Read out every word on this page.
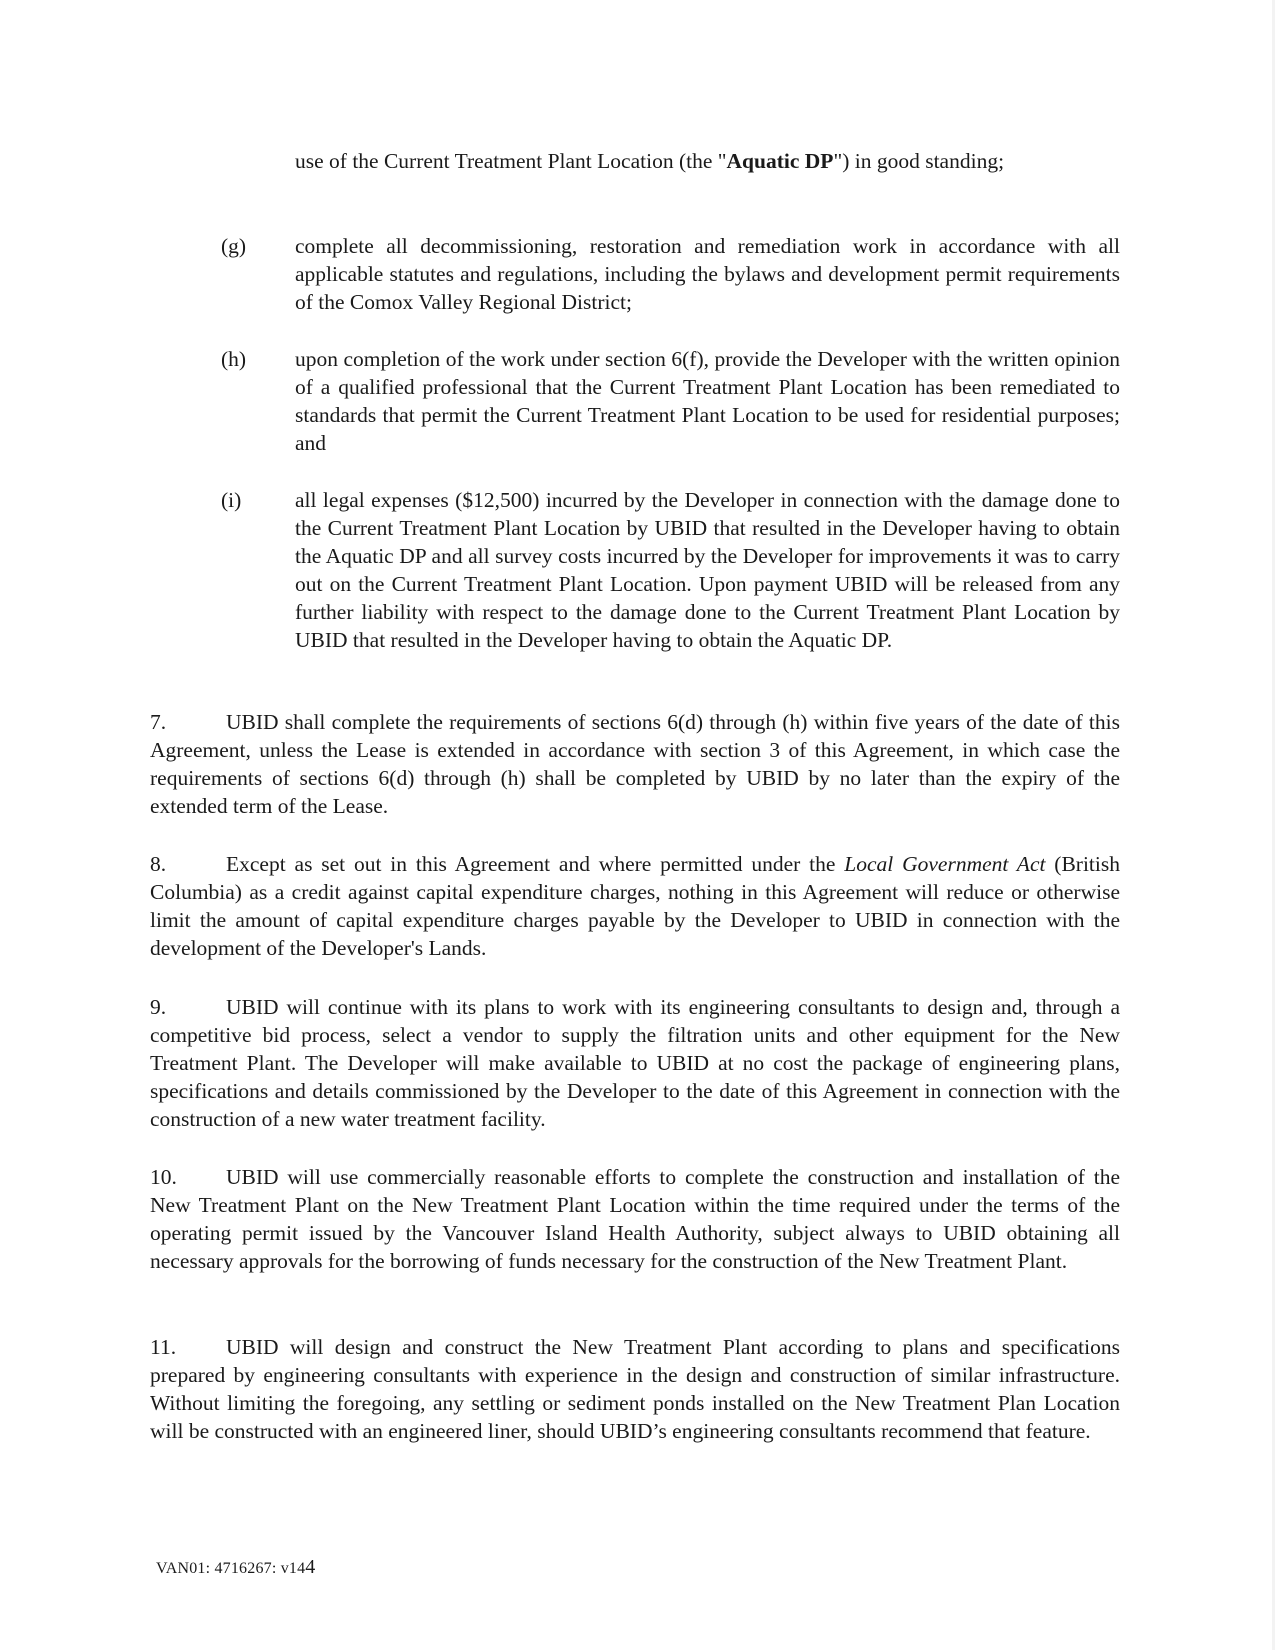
use of the Current Treatment Plant Location (the "Aquatic DP") in good standing;
(g) complete all decommissioning, restoration and remediation work in accordance with all applicable statutes and regulations, including the bylaws and development permit requirements of the Comox Valley Regional District;
(h) upon completion of the work under section 6(f), provide the Developer with the written opinion of a qualified professional that the Current Treatment Plant Location has been remediated to standards that permit the Current Treatment Plant Location to be used for residential purposes; and
(i) all legal expenses ($12,500) incurred by the Developer in connection with the damage done to the Current Treatment Plant Location by UBID that resulted in the Developer having to obtain the Aquatic DP and all survey costs incurred by the Developer for improvements it was to carry out on the Current Treatment Plant Location. Upon payment UBID will be released from any further liability with respect to the damage done to the Current Treatment Plant Location by UBID that resulted in the Developer having to obtain the Aquatic DP.
7.	UBID shall complete the requirements of sections 6(d) through (h) within five years of the date of this Agreement, unless the Lease is extended in accordance with section 3 of this Agreement, in which case the requirements of sections 6(d) through (h) shall be completed by UBID by no later than the expiry of the extended term of the Lease.
8.	Except as set out in this Agreement and where permitted under the Local Government Act (British Columbia) as a credit against capital expenditure charges, nothing in this Agreement will reduce or otherwise limit the amount of capital expenditure charges payable by the Developer to UBID in connection with the development of the Developer's Lands.
9.	UBID will continue with its plans to work with its engineering consultants to design and, through a competitive bid process, select a vendor to supply the filtration units and other equipment for the New Treatment Plant. The Developer will make available to UBID at no cost the package of engineering plans, specifications and details commissioned by the Developer to the date of this Agreement in connection with the construction of a new water treatment facility.
10. UBID will use commercially reasonable efforts to complete the construction and installation of the New Treatment Plant on the New Treatment Plant Location within the time required under the terms of the operating permit issued by the Vancouver Island Health Authority, subject always to UBID obtaining all necessary approvals for the borrowing of funds necessary for the construction of the New Treatment Plant.
11. UBID will design and construct the New Treatment Plant according to plans and specifications prepared by engineering consultants with experience in the design and construction of similar infrastructure. Without limiting the foregoing, any settling or sediment ponds installed on the New Treatment Plan Location will be constructed with an engineered liner, should UBID’s engineering consultants recommend that feature.
VAN01: 4716267: v144
